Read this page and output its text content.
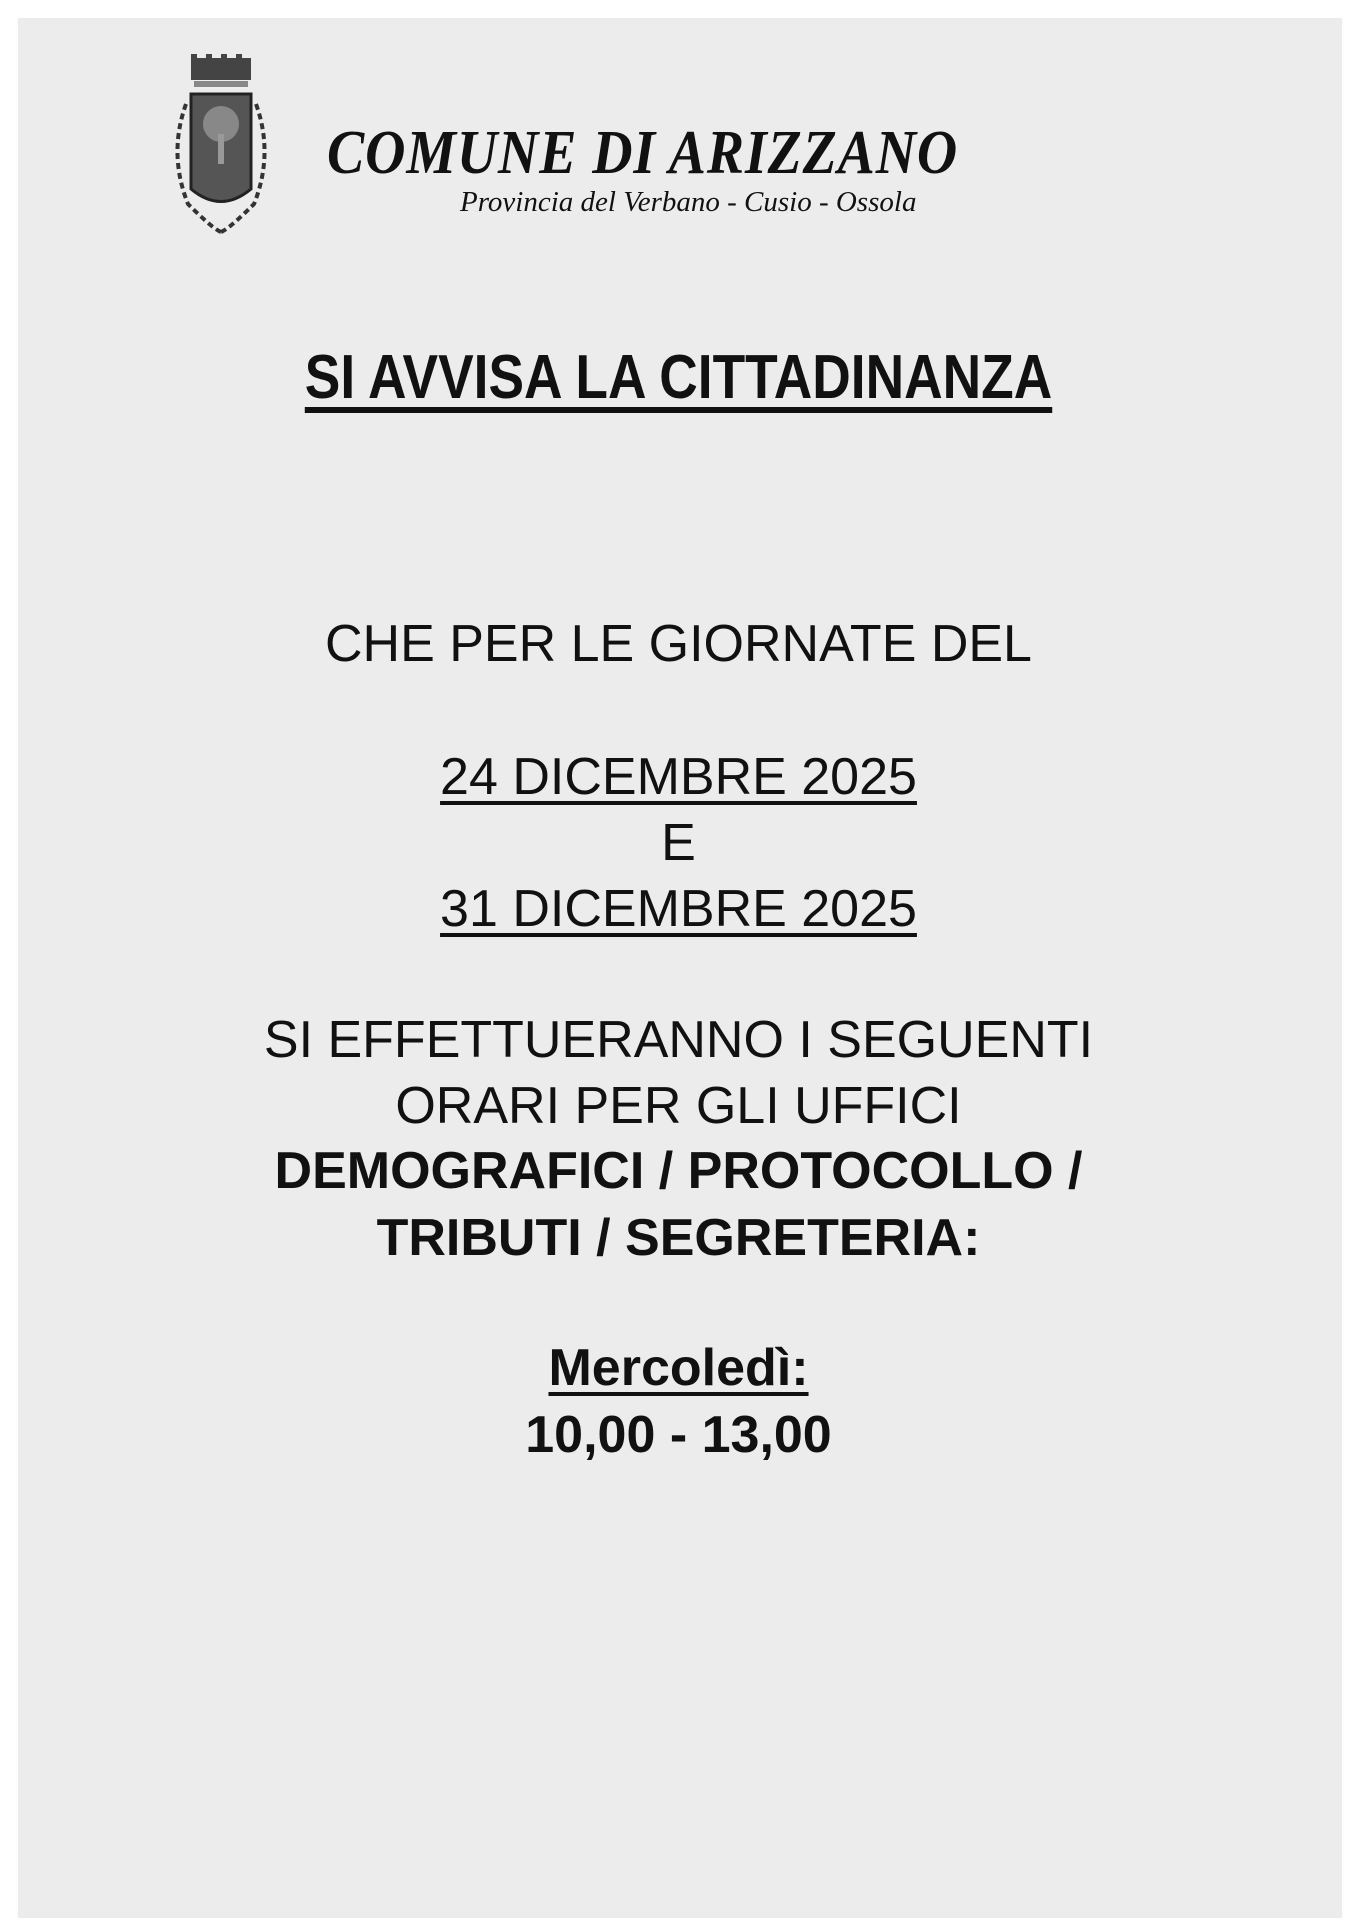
COMUNE DI ARIZZANO

Provincia del Verbano - Cusio - Ossola

SI AVVISA LA CITTADINANZA

CHE PER LE GIORNATE DEL

24 DICEMBRE 2025

E

31 DICEMBRE 2025

SI EFFETTUERANNO I SEGUENTI

ORARI PER GLI UFFICI

DEMOGRAFICI / PROTOCOLLO /

TRIBUTI / SEGRETERIA:

Mercoledì:

10,00 - 13,00
